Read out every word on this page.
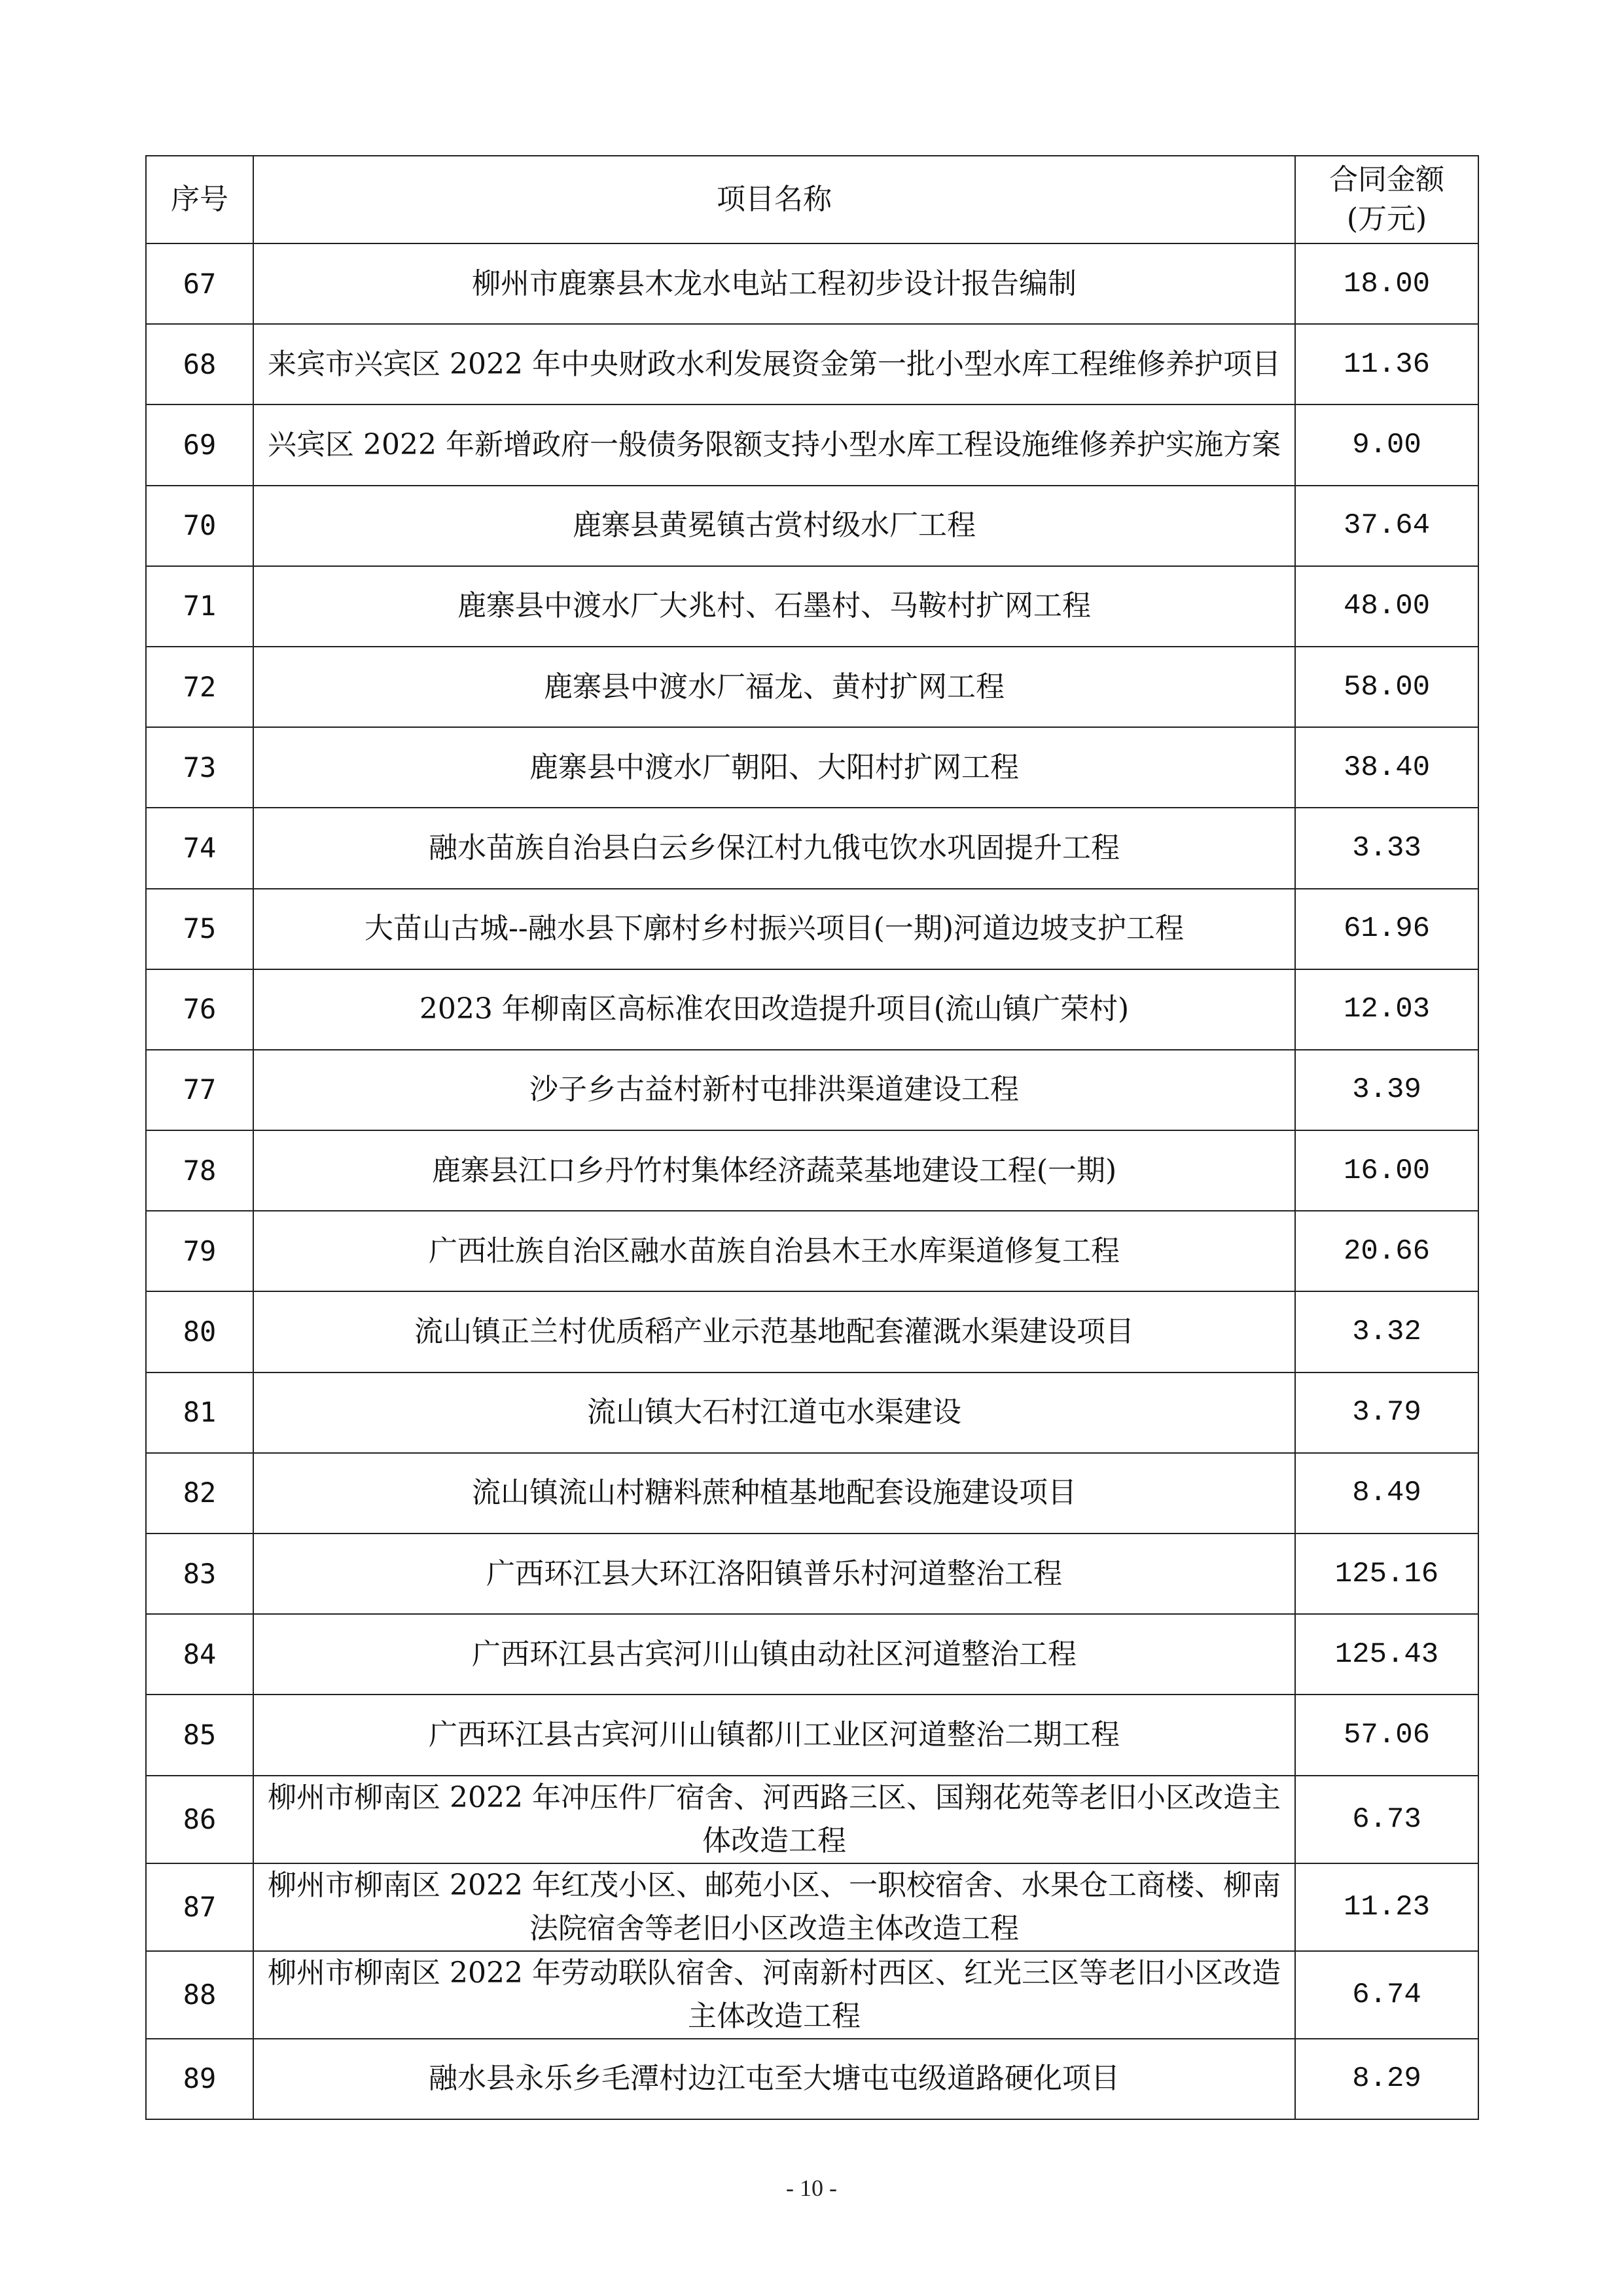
序号	项目名称	合同金额
(万元)
67	柳州市鹿寨县木龙水电站工程初步设计报告编制	18.00
68	来宾市兴宾区 2022 年中央财政水利发展资金第一批小型水库工程维修养护项目	11.36
69	兴宾区 2022 年新增政府一般债务限额支持小型水库工程设施维修养护实施方案	9.00
70	鹿寨县黄冕镇古赏村级水厂工程	37.64
71	鹿寨县中渡水厂大兆村、石墨村、马鞍村扩网工程	48.00
72	鹿寨县中渡水厂福龙、黄村扩网工程	58.00
73	鹿寨县中渡水厂朝阳、大阳村扩网工程	38.40
74	融水苗族自治县白云乡保江村九俄屯饮水巩固提升工程	3.33
75	大苗山古城--融水县下廓村乡村振兴项目(一期)河道边坡支护工程	61.96
76	2023 年柳南区高标准农田改造提升项目(流山镇广荣村)	12.03
77	沙子乡古益村新村屯排洪渠道建设工程	3.39
78	鹿寨县江口乡丹竹村集体经济蔬菜基地建设工程(一期)	16.00
79	广西壮族自治区融水苗族自治县木王水库渠道修复工程	20.66
80	流山镇正兰村优质稻产业示范基地配套灌溉水渠建设项目	3.32
81	流山镇大石村江道屯水渠建设	3.79
82	流山镇流山村糖料蔗种植基地配套设施建设项目	8.49
83	广西环江县大环江洛阳镇普乐村河道整治工程	125.16
84	广西环江县古宾河川山镇由动社区河道整治工程	125.43
85	广西环江县古宾河川山镇都川工业区河道整治二期工程	57.06
86	柳州市柳南区 2022 年冲压件厂宿舍、河西路三区、国翔花苑等老旧小区改造主体改造工程	6.73
87	柳州市柳南区 2022 年红茂小区、邮苑小区、一职校宿舍、水果仓工商楼、柳南法院宿舍等老旧小区改造主体改造工程	11.23
88	柳州市柳南区 2022 年劳动联队宿舍、河南新村西区、红光三区等老旧小区改造主体改造工程	6.74
89	融水县永乐乡毛潭村边江屯至大塘屯屯级道路硬化项目	8.29
- 10 -
